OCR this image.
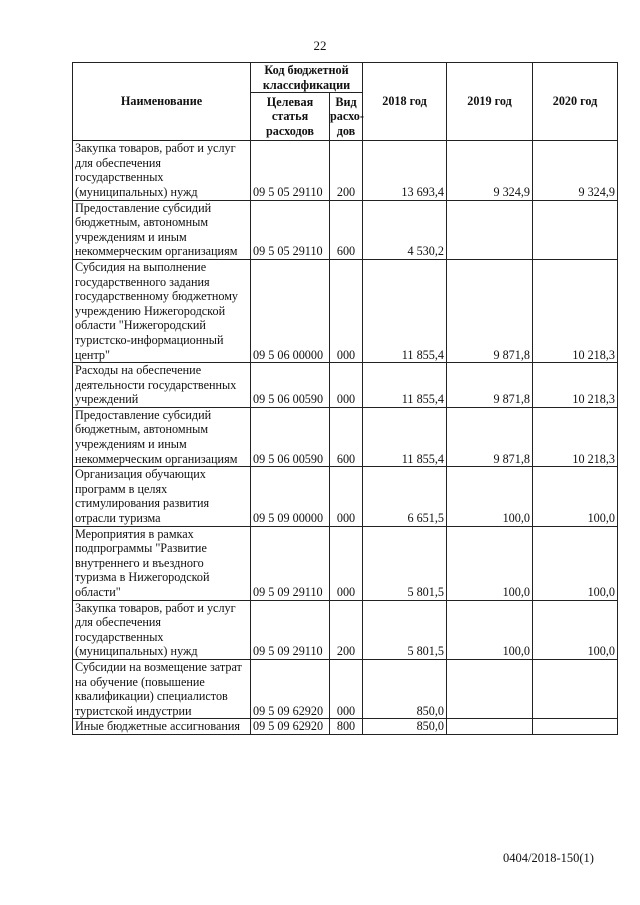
22
Наименование	Код бюджетной классификации		2018 год	2019 год	2020 год
	Целевая статья расходов	Вид расхо-дов			
Закупка товаров, работ и услуг для обеспечения государственных (муниципальных) нужд	09 5 05 29110	200	13 693,4	9 324,9	9 324,9
Предоставление субсидий бюджетным, автономным учреждениям и иным некоммерческим организациям	09 5 05 29110	600	4 530,2		
Субсидия на выполнение государственного задания государственному бюджетному учреждению Нижегородской области "Нижегородский туристско-информационный центр"	09 5 06 00000	000	11 855,4	9 871,8	10 218,3
Расходы на обеспечение деятельности государственных учреждений	09 5 06 00590	000	11 855,4	9 871,8	10 218,3
Предоставление субсидий бюджетным, автономным учреждениям и иным некоммерческим организациям	09 5 06 00590	600	11 855,4	9 871,8	10 218,3
Организация обучающих программ в целях стимулирования развития отрасли туризма	09 5 09 00000	000	6 651,5	100,0	100,0
Мероприятия в рамках подпрограммы "Развитие внутреннего и въездного туризма в Нижегородской области"	09 5 09 29110	000	5 801,5	100,0	100,0
Закупка товаров, работ и услуг для обеспечения государственных (муниципальных) нужд	09 5 09 29110	200	5 801,5	100,0	100,0
Субсидии на возмещение затрат на обучение (повышение квалификации) специалистов туристской индустрии	09 5 09 62920	000	850,0		
Иные бюджетные ассигнования	09 5 09 62920	800	850,0		
0404/2018-150(1)
